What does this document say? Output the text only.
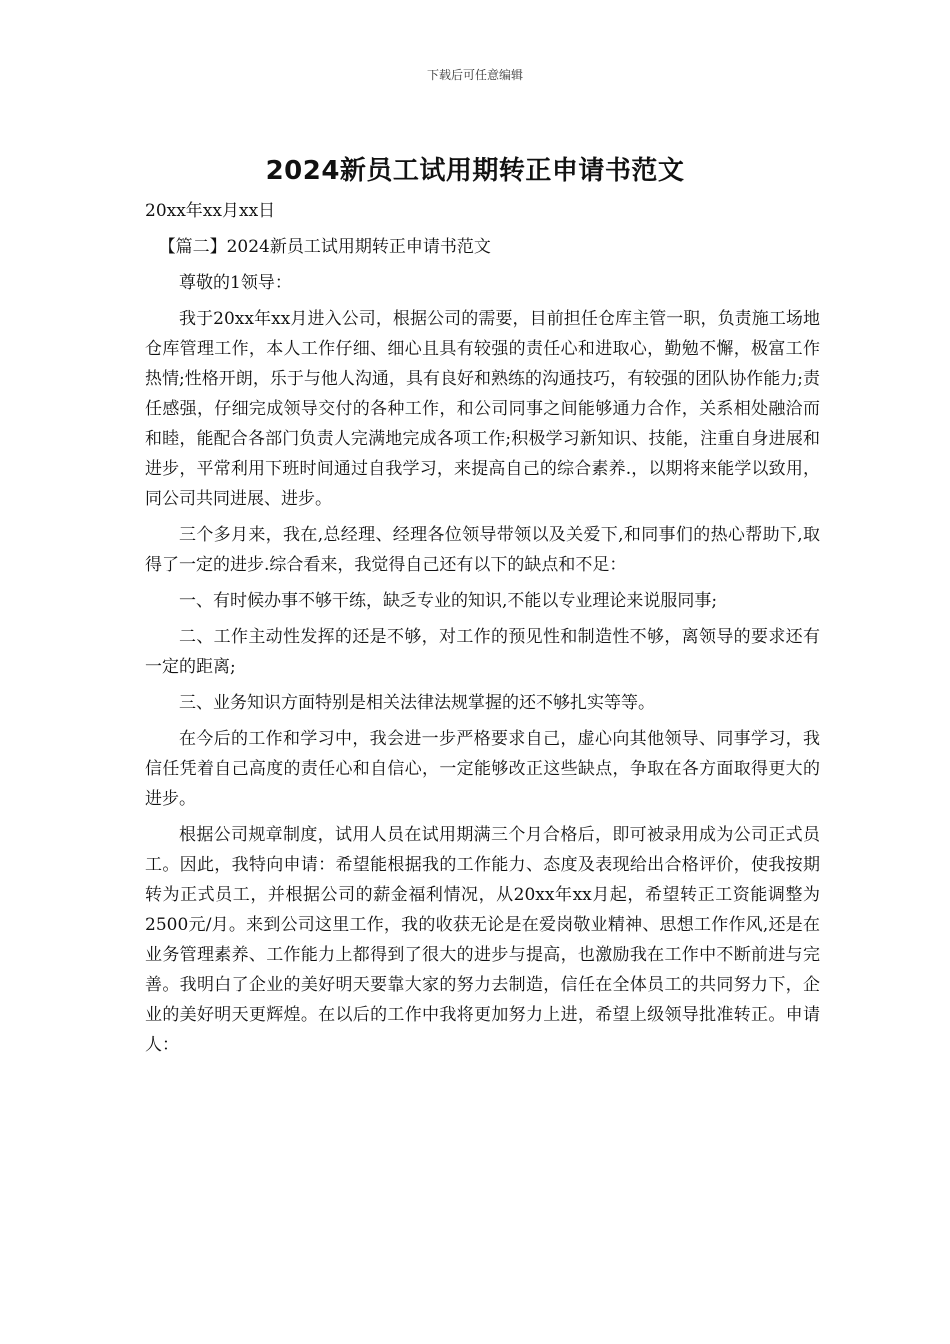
下载后可任意编辑
2024新员工试用期转正申请书范文
20xx年xx月xx日
【篇二】2024新员工试用期转正申请书范文
尊敬的1领导：
我于20xx年xx月进入公司，根据公司的需要，目前担任仓库主管一职，负责施工场地仓库管理工作，本人工作仔细、细心且具有较强的责任心和进取心，勤勉不懈，极富工作热情;性格开朗，乐于与他人沟通，具有良好和熟练的沟通技巧，有较强的团队协作能力;责任感强，仔细完成领导交付的各种工作，和公司同事之间能够通力合作，关系相处融洽而和睦，能配合各部门负责人完满地完成各项工作;积极学习新知识、技能，注重自身进展和进步，平常利用下班时间通过自我学习，来提高自己的综合素养.，以期将来能学以致用，同公司共同进展、进步。
三个多月来，我在,总经理、经理各位领导带领以及关爱下,和同事们的热心帮助下,取得了一定的进步.综合看来，我觉得自己还有以下的缺点和不足：
一、有时候办事不够干练，缺乏专业的知识,不能以专业理论来说服同事;
二、工作主动性发挥的还是不够，对工作的预见性和制造性不够，离领导的要求还有一定的距离;
三、业务知识方面特别是相关法律法规掌握的还不够扎实等等。
在今后的工作和学习中，我会进一步严格要求自己，虚心向其他领导、同事学习，我信任凭着自己高度的责任心和自信心，一定能够改正这些缺点，争取在各方面取得更大的进步。
根据公司规章制度，试用人员在试用期满三个月合格后，即可被录用成为公司正式员工。因此，我特向申请：希望能根据我的工作能力、态度及表现给出合格评价，使我按期转为正式员工，并根据公司的薪金福利情况，从20xx年xx月起，希望转正工资能调整为2500元/月。来到公司这里工作，我的收获无论是在爱岗敬业精神、思想工作作风,还是在业务管理素养、工作能力上都得到了很大的进步与提高，也激励我在工作中不断前进与完善。我明白了企业的美好明天要靠大家的努力去制造，信任在全体员工的共同努力下，企业的美好明天更辉煌。在以后的工作中我将更加努力上进，希望上级领导批准转正。申请人：
